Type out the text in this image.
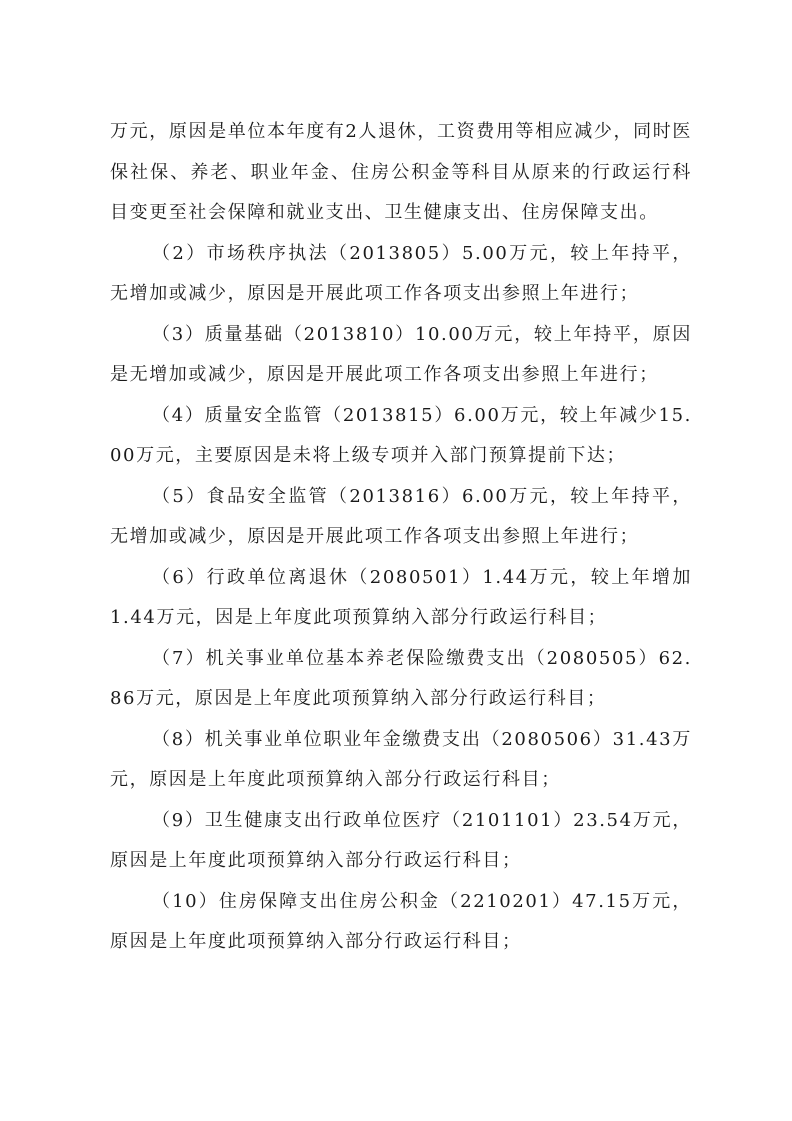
万元，原因是单位本年度有2人退休，工资费用等相应减少，同时医保社保、养老、职业年金、住房公积金等科目从原来的行政运行科目变更至社会保障和就业支出、卫生健康支出、住房保障支出。

（2）市场秩序执法（2013805）5.00万元，较上年持平，无增加或减少，原因是开展此项工作各项支出参照上年进行；

（3）质量基础（2013810）10.00万元，较上年持平，原因是无增加或减少，原因是开展此项工作各项支出参照上年进行；

（4）质量安全监管（2013815）6.00万元，较上年减少15.00万元，主要原因是未将上级专项并入部门预算提前下达；

（5）食品安全监管（2013816）6.00万元，较上年持平，无增加或减少，原因是开展此项工作各项支出参照上年进行；

（6）行政单位离退休（2080501）1.44万元，较上年增加1.44万元，因是上年度此项预算纳入部分行政运行科目；

（7）机关事业单位基本养老保险缴费支出（2080505）62.86万元，原因是上年度此项预算纳入部分行政运行科目；

（8）机关事业单位职业年金缴费支出（2080506）31.43万元，原因是上年度此项预算纳入部分行政运行科目；

（9）卫生健康支出行政单位医疗（2101101）23.54万元，原因是上年度此项预算纳入部分行政运行科目；

（10）住房保障支出住房公积金（2210201）47.15万元，原因是上年度此项预算纳入部分行政运行科目；
